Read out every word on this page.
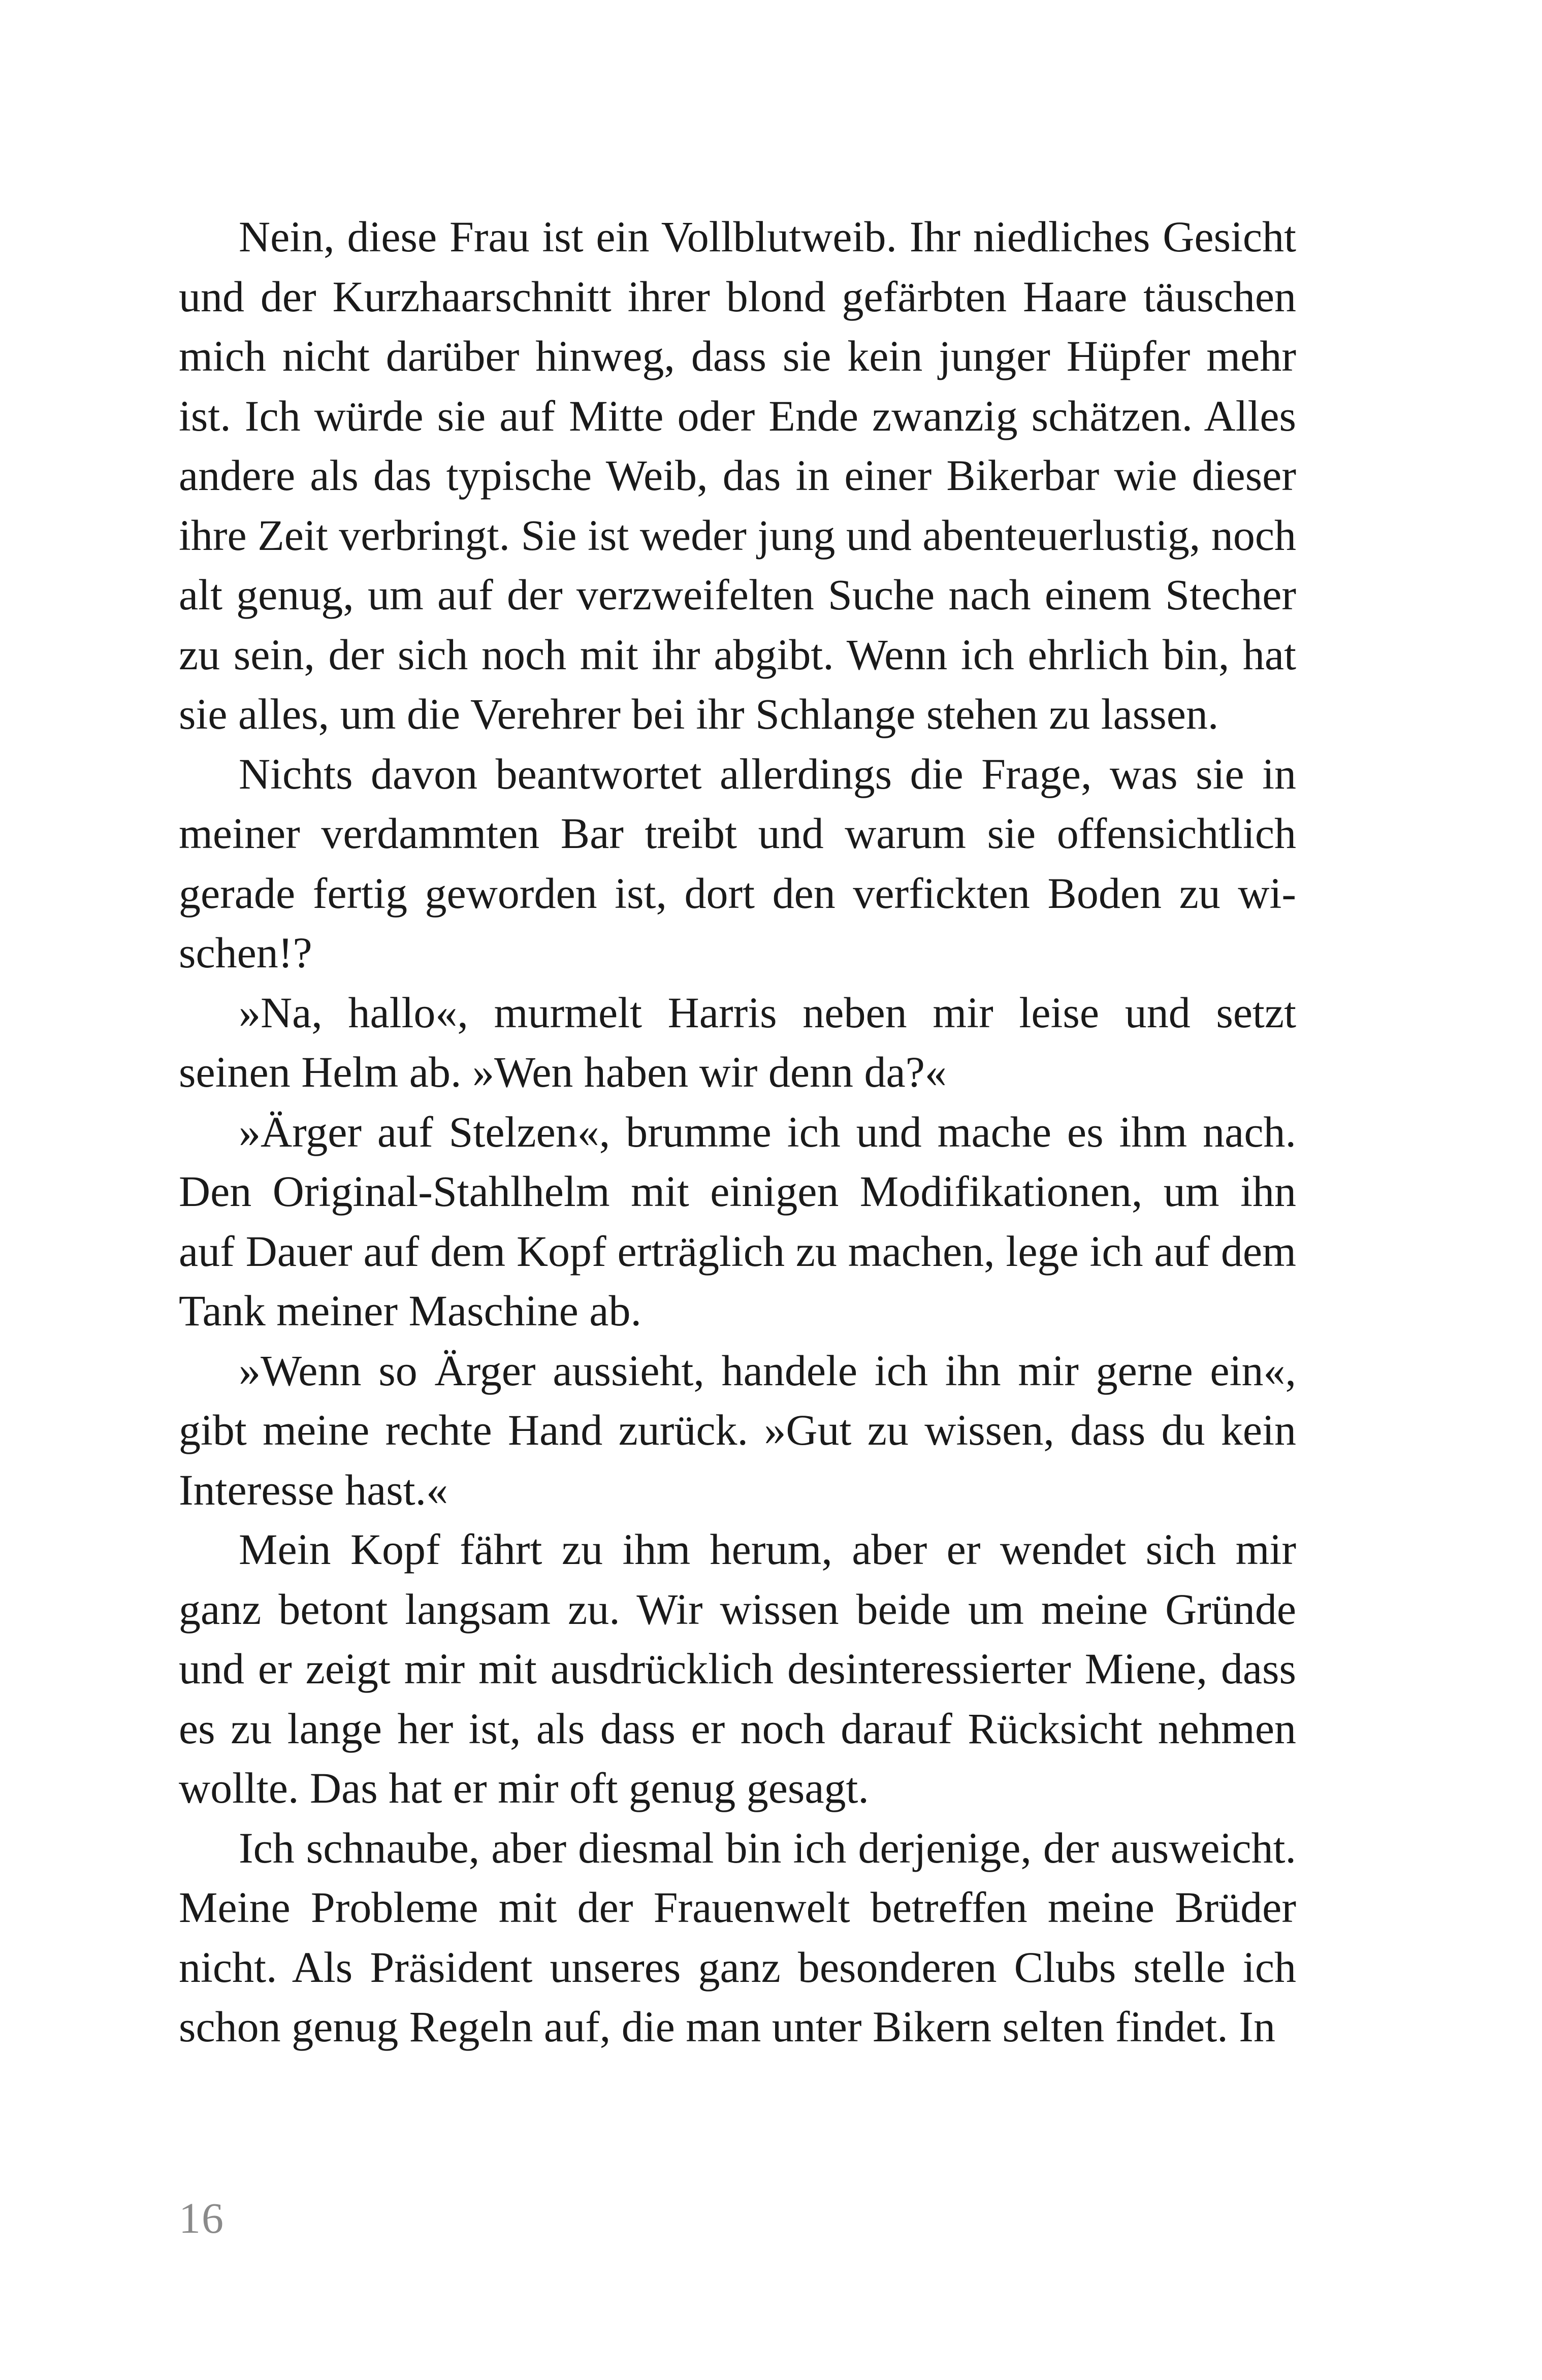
Nein, diese Frau ist ein Vollblutweib. Ihr niedliches Gesicht und der Kurzhaarschnitt ihrer blond gefärbten Haare täuschen mich nicht darüber hinweg, dass sie kein junger Hüpfer mehr ist. Ich würde sie auf Mitte oder Ende zwanzig schätzen. Alles andere als das typische Weib, das in einer Bikerbar wie dieser ihre Zeit verbringt. Sie ist weder jung und abenteuerlustig, noch alt genug, um auf der verzweifelten Suche nach einem Stecher zu sein, der sich noch mit ihr abgibt. Wenn ich ehrlich bin, hat sie alles, um die Verehrer bei ihr Schlange stehen zu lassen.

Nichts davon beantwortet allerdings die Frage, was sie in meiner verdammten Bar treibt und warum sie offensichtlich gerade fertig geworden ist, dort den verfickten Boden zu wischen!?

»Na, hallo«, murmelt Harris neben mir leise und setzt seinen Helm ab. »Wen haben wir denn da?«

»Ärger auf Stelzen«, brumme ich und mache es ihm nach. Den Original-Stahlhelm mit einigen Modifikationen, um ihn auf Dauer auf dem Kopf erträglich zu machen, lege ich auf dem Tank meiner Maschine ab.

»Wenn so Ärger aussieht, handele ich ihn mir gerne ein«, gibt meine rechte Hand zurück. »Gut zu wissen, dass du kein Interesse hast.«

Mein Kopf fährt zu ihm herum, aber er wendet sich mir ganz betont langsam zu. Wir wissen beide um meine Gründe und er zeigt mir mit ausdrücklich desinteressierter Miene, dass es zu lange her ist, als dass er noch darauf Rücksicht nehmen wollte. Das hat er mir oft genug gesagt.

Ich schnaube, aber diesmal bin ich derjenige, der ausweicht. Meine Probleme mit der Frauenwelt betreffen meine Brüder nicht. Als Präsident unseres ganz besonderen Clubs stelle ich schon genug Regeln auf, die man unter Bikern selten findet. In

16
